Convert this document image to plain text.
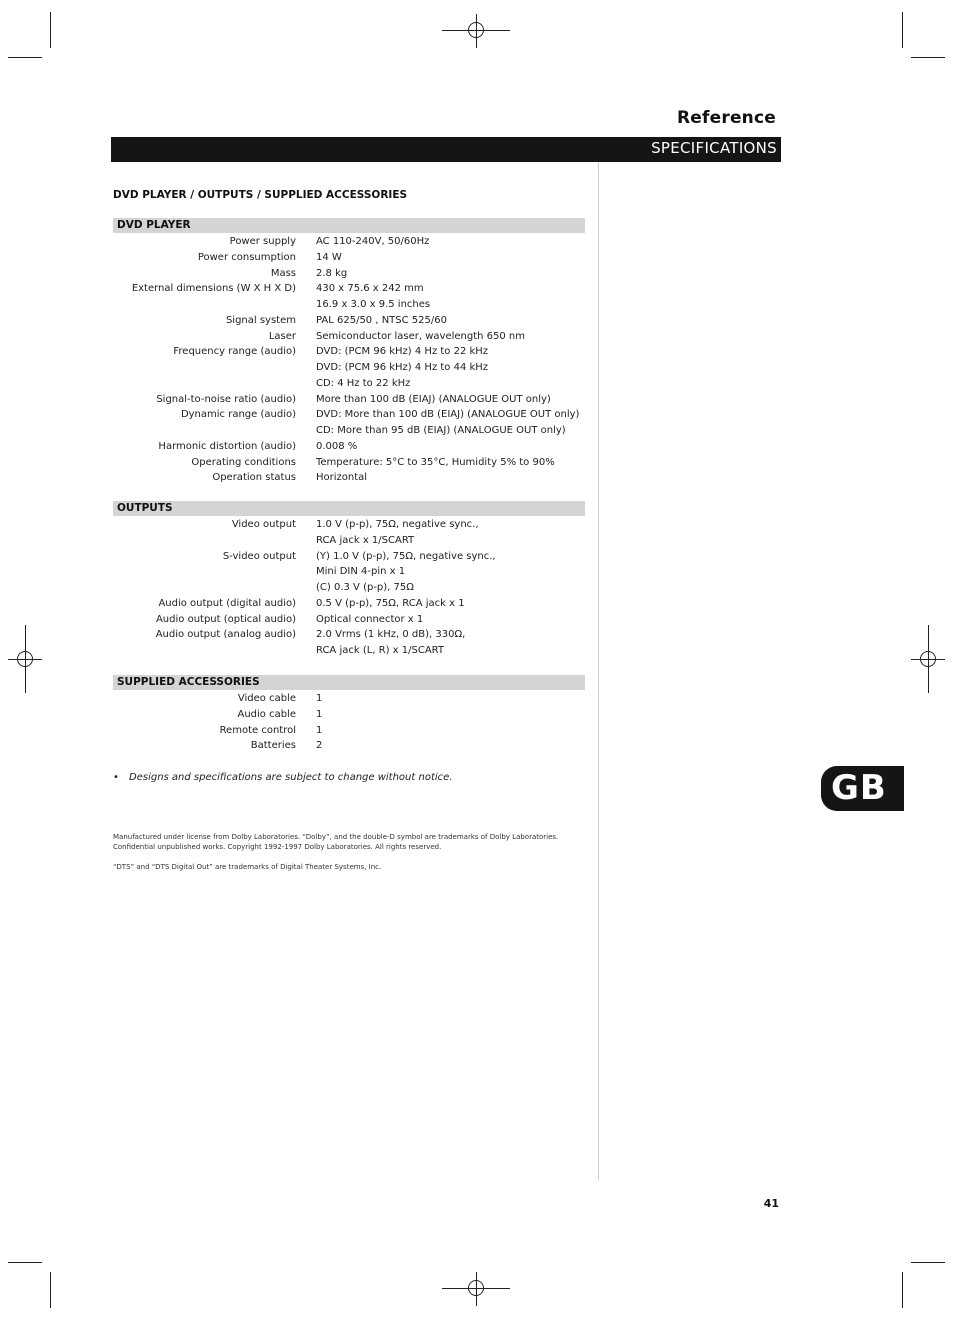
Reference
SPECIFICATIONS
DVD PLAYER / OUTPUTS / SUPPLIED ACCESSORIES
DVD PLAYER
Power supply AC 110-240V, 50/60Hz
Power consumption 14 W
Mass 2.8 kg
External dimensions (W X H X D) 430 x 75.6 x 242 mm
16.9 x 3.0 x 9.5 inches
Signal system PAL 625/50 , NTSC 525/60
Laser Semiconductor laser, wavelength 650 nm
Frequency range (audio) DVD: (PCM 96 kHz) 4 Hz to 22 kHz
DVD: (PCM 96 kHz) 4 Hz to 44 kHz
CD: 4 Hz to 22 kHz
Signal-to-noise ratio (audio) More than 100 dB (EIAJ) (ANALOGUE OUT only)
Dynamic range (audio) DVD: More than 100 dB (EIAJ) (ANALOGUE OUT only)
CD: More than 95 dB (EIAJ) (ANALOGUE OUT only)
Harmonic distortion (audio) 0.008 %
Operating conditions Temperature: 5°C to 35°C, Humidity 5% to 90%
Operation status Horizontal
OUTPUTS
Video output 1.0 V (p-p), 75Ω, negative sync.,
RCA jack x 1/SCART
S-video output (Y) 1.0 V (p-p), 75Ω, negative sync.,
Mini DIN 4-pin x 1
(C) 0.3 V (p-p), 75Ω
Audio output (digital audio) 0.5 V (p-p), 75Ω, RCA jack x 1
Audio output (optical audio) Optical connector x 1
Audio output (analog audio) 2.0 Vrms (1 kHz, 0 dB), 330Ω,
RCA jack (L, R) x 1/SCART
SUPPLIED ACCESSORIES
Video cable 1
Audio cable 1
Remote control 1
Batteries 2
• Designs and specifications are subject to change without notice.
Manufactured under license from Dolby Laboratories. “Dolby”, and the double-D symbol are trademarks of Dolby Laboratories.
Confidential unpublished works. Copyright 1992-1997 Dolby Laboratories. All rights reserved.
“DTS” and “DTS Digital Out” are trademarks of Digital Theater Systems, Inc.
GB
41
